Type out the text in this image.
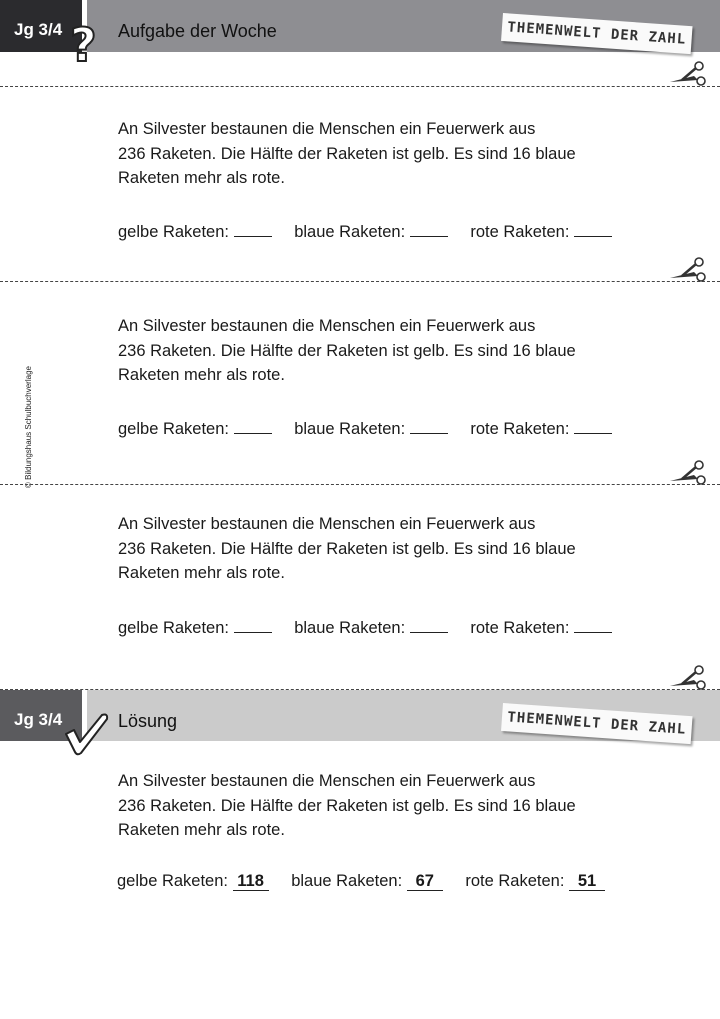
Jg 3/4	Aufgabe der Woche	THEMENWELT DER ZAHL
?
© Bildungshaus Schulbuchverlage

An Silvester bestaunen die Menschen ein Feuerwerk aus

236 Raketen. Die Hälfte der Raketen ist gelb. Es sind 16 blaue

Raketen mehr als rote.

gelbe Raketen:	blaue Raketen:	rote Raketen:

An Silvester bestaunen die Menschen ein Feuerwerk aus

236 Raketen. Die Hälfte der Raketen ist gelb. Es sind 16 blaue

Raketen mehr als rote.

gelbe Raketen:	blaue Raketen:	rote Raketen:

An Silvester bestaunen die Menschen ein Feuerwerk aus

236 Raketen. Die Hälfte der Raketen ist gelb. Es sind 16 blaue

Raketen mehr als rote.

gelbe Raketen:	blaue Raketen:	rote Raketen:
Jg 3/4	Lösung	THEMENWELT DER ZAHL

An Silvester bestaunen die Menschen ein Feuerwerk aus

236 Raketen. Die Hälfte der Raketen ist gelb. Es sind 16 blaue

Raketen mehr als rote.

gelbe Raketen: 118 blaue Raketen: 67 rote Raketen: 51
